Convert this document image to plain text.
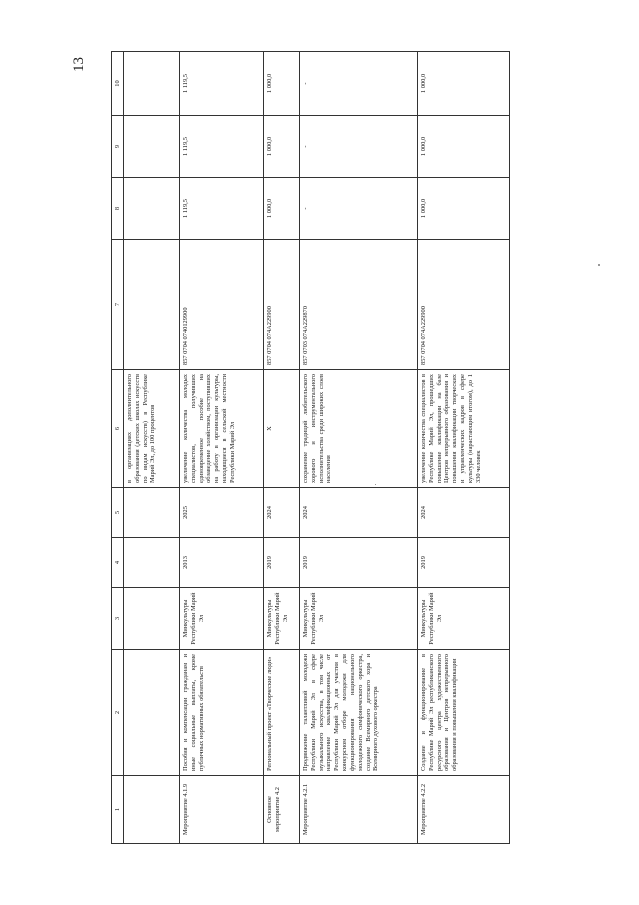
13
1	2	3	4	5	6	7	8	9	10
					в организациях дополнительного образования (детских школах искусств по видам искусств) в Республике Марий Эл, до 100 процентов				
Мероприятие 4.1.9	Пособия и компенсации гражданам и иные социальные выплаты, кроме публичных нормативных обязательств	Минкультуры Республики Марий Эл	2013	2025	увеличение количества молодых специалистов, получивших единовременное пособие на обзаведение хозяйством, поступивших на работу в организации культуры, находящиеся в сельской местности Республики Марий Эл	857 0704 0740129900	1 119,5	1 119,5	1 119,5
Основное мероприятие 4.2	Региональный проект «Творческие люди»	Минкультуры Республики Марий Эл	2019	2024	Х	857 0704 074A229900	1 000,0	1 000,0	1 000,0
Мероприятие 4.2.1	Продвижение талантливой молодежи Республики Марий Эл в сфере музыкального искусства, в том числе направление квалификационных от Республики Марий Эл для участия в конкурсном отборе молодежи для функционирования национального молодежного симфонического оркестра, создание Всемирного детского хора и Всемирного духового оркестра	Минкультуры Республики Марий Эл	2019	2024	сохранение традиций любительского хорового и инструментального исполнительства среди широких слоев населения	857 0703 074A229870	-	-	-
Мероприятие 4.2.2	Создание и функционирование в Республике Марий Эл республиканского ресурсного центра художественного образования и Центров непрерывного образования и повышения квалификации	Минкультуры Республики Марий Эл	2019	2024	увеличение количества специалистов в Республике Марий Эл, прошедших повышение квалификации на базе Центров непрерывного образования и повышения квалификации творческих и управленческих кадров в сфере культуры (нарастающим итогом), до 1 330 человек	857 0704 074A229900	1 000,0	1 000,0	1 000,0
